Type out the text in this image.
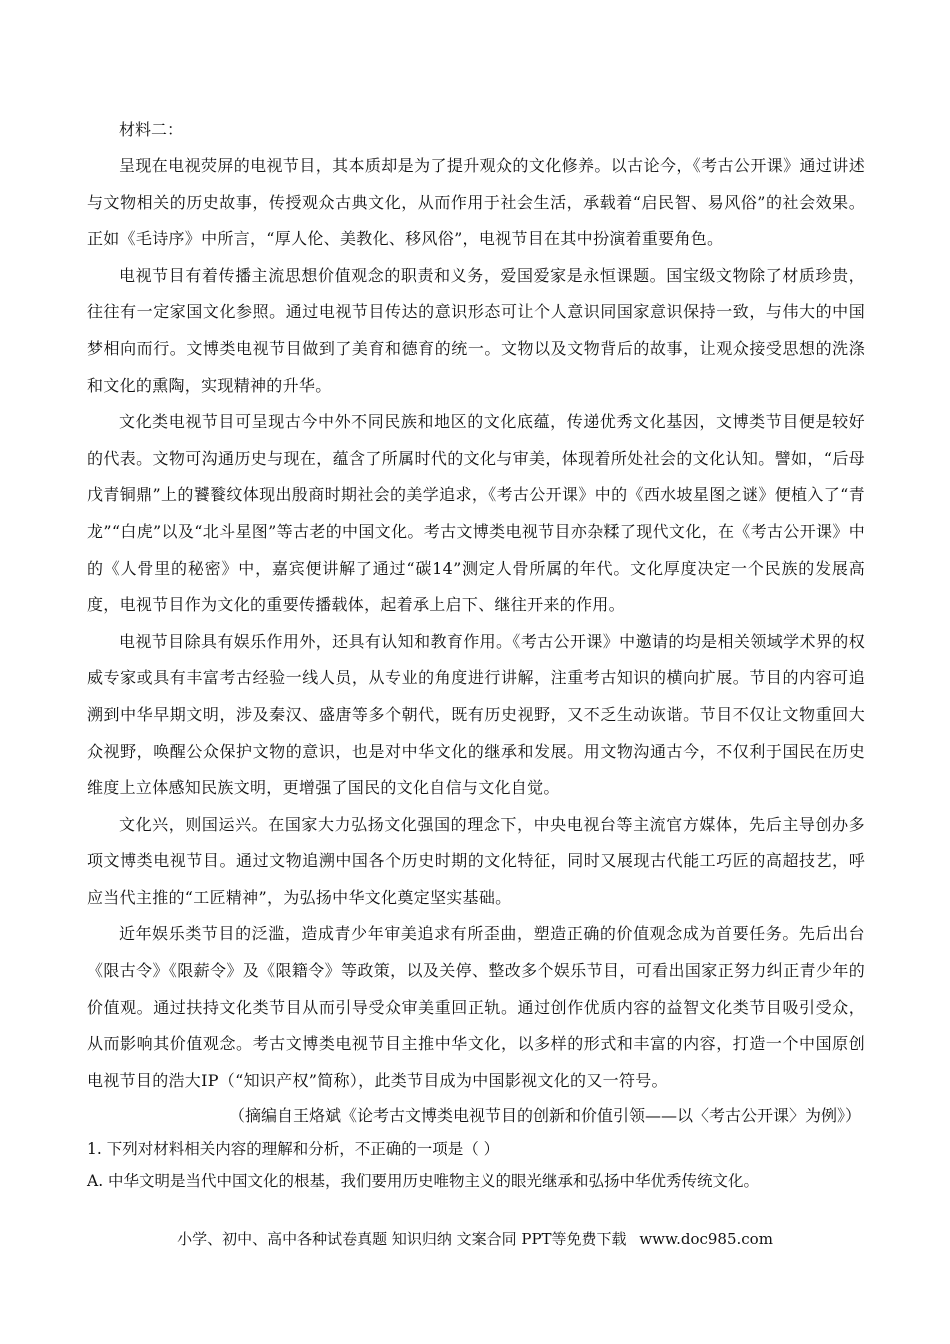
材料二：

呈现在电视荧屏的电视节目，其本质却是为了提升观众的文化修养。以古论今，《考古公开课》通过讲述与文物相关的历史故事，传授观众古典文化，从而作用于社会生活，承载着“启民智、易风俗”的社会效果。正如《毛诗序》中所言，“厚人伦、美教化、移风俗”，电视节目在其中扮演着重要角色。

电视节目有着传播主流思想价值观念的职责和义务，爱国爱家是永恒课题。国宝级文物除了材质珍贵，往往有一定家国文化参照。通过电视节目传达的意识形态可让个人意识同国家意识保持一致，与伟大的中国梦相向而行。文博类电视节目做到了美育和德育的统一。文物以及文物背后的故事，让观众接受思想的洗涤和文化的熏陶，实现精神的升华。

文化类电视节目可呈现古今中外不同民族和地区的文化底蕴，传递优秀文化基因，文博类节目便是较好的代表。文物可沟通历史与现在，蕴含了所属时代的文化与审美，体现着所处社会的文化认知。譬如，“后母戊青铜鼎”上的饕餮纹体现出殷商时期社会的美学追求，《考古公开课》中的《西水坡星图之谜》便植入了“青龙”“白虎”以及“北斗星图”等古老的中国文化。考古文博类电视节目亦杂糅了现代文化，在《考古公开课》中的《人骨里的秘密》中，嘉宾便讲解了通过“碳14”测定人骨所属的年代。文化厚度决定一个民族的发展高度，电视节目作为文化的重要传播载体，起着承上启下、继往开来的作用。

电视节目除具有娱乐作用外，还具有认知和教育作用。《考古公开课》中邀请的均是相关领域学术界的权威专家或具有丰富考古经验一线人员，从专业的角度进行讲解，注重考古知识的横向扩展。节目的内容可追溯到中华早期文明，涉及秦汉、盛唐等多个朝代，既有历史视野，又不乏生动诙谐。节目不仅让文物重回大众视野，唤醒公众保护文物的意识，也是对中华文化的继承和发展。用文物沟通古今，不仅利于国民在历史维度上立体感知民族文明，更增强了国民的文化自信与文化自觉。

文化兴，则国运兴。在国家大力弘扬文化强国的理念下，中央电视台等主流官方媒体，先后主导创办多项文博类电视节目。通过文物追溯中国各个历史时期的文化特征，同时又展现古代能工巧匠的高超技艺，呼应当代主推的“工匠精神”，为弘扬中华文化奠定坚实基础。

近年娱乐类节目的泛滥，造成青少年审美追求有所歪曲，塑造正确的价值观念成为首要任务。先后出台《限古令》《限薪令》及《限籍令》等政策，以及关停、整改多个娱乐节目，可看出国家正努力纠正青少年的价值观。通过扶持文化类节目从而引导受众审美重回正轨。通过创作优质内容的益智文化类节目吸引受众，从而影响其价值观念。考古文博类电视节目主推中华文化，以多样的形式和丰富的内容，打造一个中国原创电视节目的浩大IP（“知识产权”简称），此类节目成为中国影视文化的又一符号。

（摘编自王烙斌《论考古文博类电视节目的创新和价值引领——以〈考古公开课〉为例》）

1. 下列对材料相关内容的理解和分析，不正确的一项是（ ）

A. 中华文明是当代中国文化的根基，我们要用历史唯物主义的眼光继承和弘扬中华优秀传统文化。

小学、初中、高中各种试卷真题 知识归纳 文案合同 PPT等免费下载 www.doc985.com
